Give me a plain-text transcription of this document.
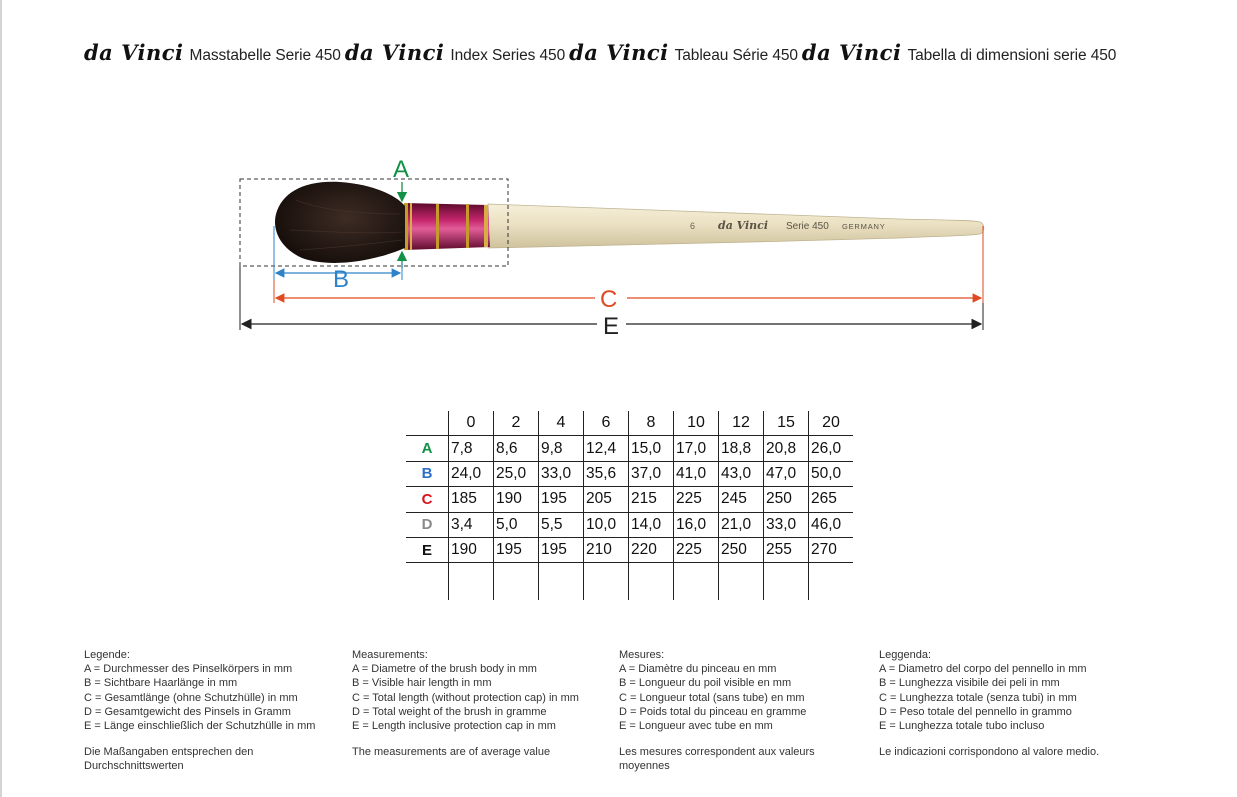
da Vinci Masstabelle Serie 450 da Vinci Index Series 450 da Vinci Tableau Série 450 da Vinci Tabella di dimensioni serie 450
6 da Vinci Serie 450 GERMANY
A
B
C
E
	0	2	4	6	8	10	12	15	20
A	7,8	8,6	9,8	12,4	15,0	17,0	18,8	20,8	26,0
B	24,0	25,0	33,0	35,6	37,0	41,0	43,0	47,0	50,0
C	185	190	195	205	215	225	245	250	265
D	3,4	5,0	5,5	10,0	14,0	16,0	21,0	33,0	46,0
E	190	195	195	210	220	225	250	255	270

Legende:
A = Durchmesser des Pinselkörpers in mm
B = Sichtbare Haarlänge in mm
C = Gesamtlänge (ohne Schutzhülle) in mm
D = Gesamtgewicht des Pinsels in Gramm
E = Länge einschließlich der Schutzhülle in mm
Die Maßangaben entsprechen den Durchschnittswerten
Measurements:
A = Diametre of the brush body in mm
B = Visible hair length in mm
C = Total length (without protection cap) in mm
D = Total weight of the brush in gramme
E = Length inclusive protection cap in mm
The measurements are of average value
Mesures:
A = Diamètre du pinceau en mm
B = Longueur du poil visible en mm
C = Longueur total (sans tube) en mm
D = Poids total du pinceau en gramme
E = Longueur avec tube en mm
Les mesures correspondent aux valeurs moyennes
Leggenda:
A = Diametro del corpo del pennello in mm
B = Lunghezza visibile dei peli in mm
C = Lunghezza totale (senza tubi) in mm
D = Peso totale del pennello in grammo
E = Lunghezza totale tubo incluso
Le indicazioni corrispondono al valore medio.
